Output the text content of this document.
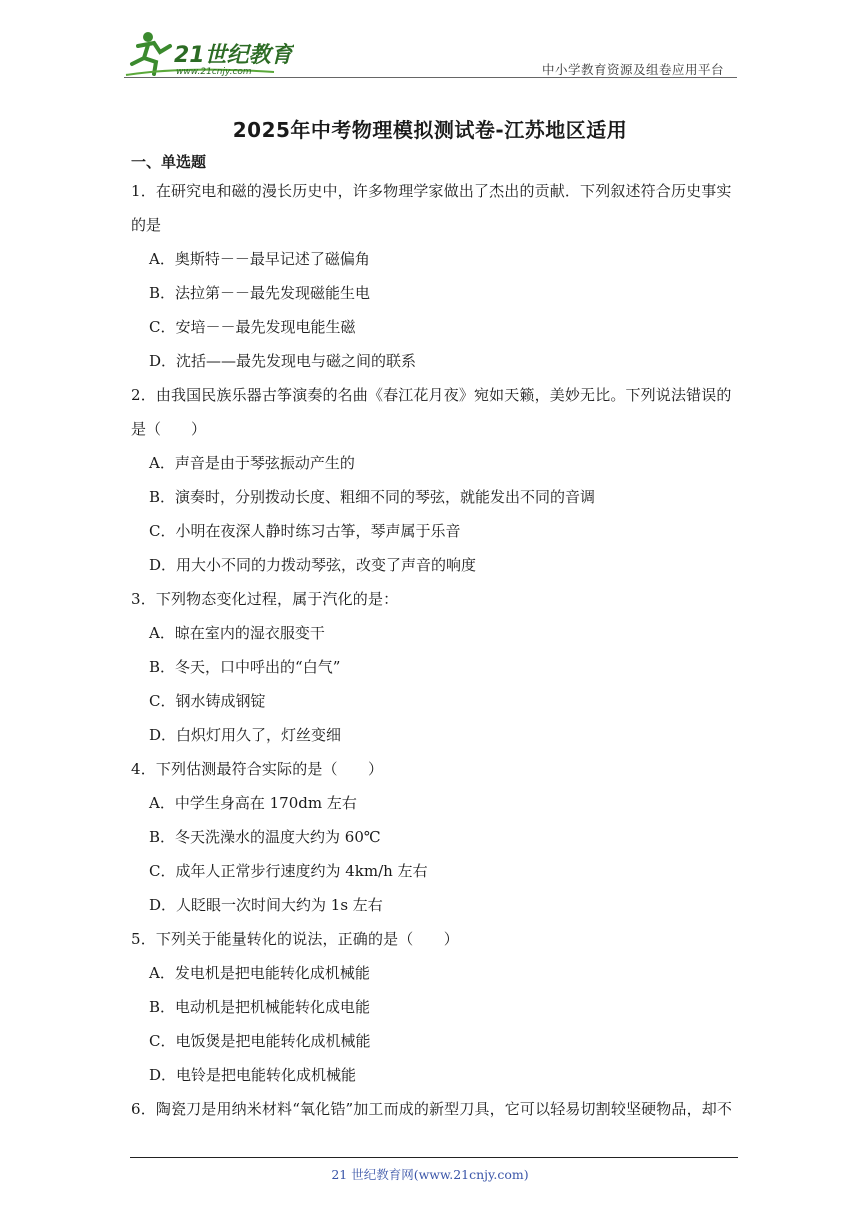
21世纪教育
www.21cnjy.com	中小学教育资源及组卷应用平台
2025年中考物理模拟测试卷-江苏地区适用
一、单选题
1．在研究电和磁的漫长历史中，许多物理学家做出了杰出的贡献．下列叙述符合历史事实
的是
A．奥斯特－－最早记述了磁偏角
B．法拉第－－最先发现磁能生电
C．安培－－最先发现电能生磁
D．沈括——最先发现电与磁之间的联系
2．由我国民族乐器古筝演奏的名曲《春江花月夜》宛如天籁，美妙无比。下列说法错误的
是（　　）
A．声音是由于琴弦振动产生的
B．演奏时，分别拨动长度、粗细不同的琴弦，就能发出不同的音调
C．小明在夜深人静时练习古筝，琴声属于乐音
D．用大小不同的力拨动琴弦，改变了声音的响度
3．下列物态变化过程，属于汽化的是：
A．晾在室内的湿衣服变干
B．冬天，口中呼出的“白气”
C．钢水铸成钢锭
D．白炽灯用久了，灯丝变细
4．下列估测最符合实际的是（　　）
A．中学生身高在 170dm 左右
B．冬天洗澡水的温度大约为 60℃
C．成年人正常步行速度约为 4km/h 左右
D．人眨眼一次时间大约为 1s 左右
5．下列关于能量转化的说法，正确的是（　　）
A．发电机是把电能转化成机械能
B．电动机是把机械能转化成电能
C．电饭煲是把电能转化成机械能
D．电铃是把电能转化成机械能
6．陶瓷刀是用纳米材料“氧化锆”加工而成的新型刀具，它可以轻易切割较坚硬物品，却不
21 世纪教育网(www.21cnjy.com)
